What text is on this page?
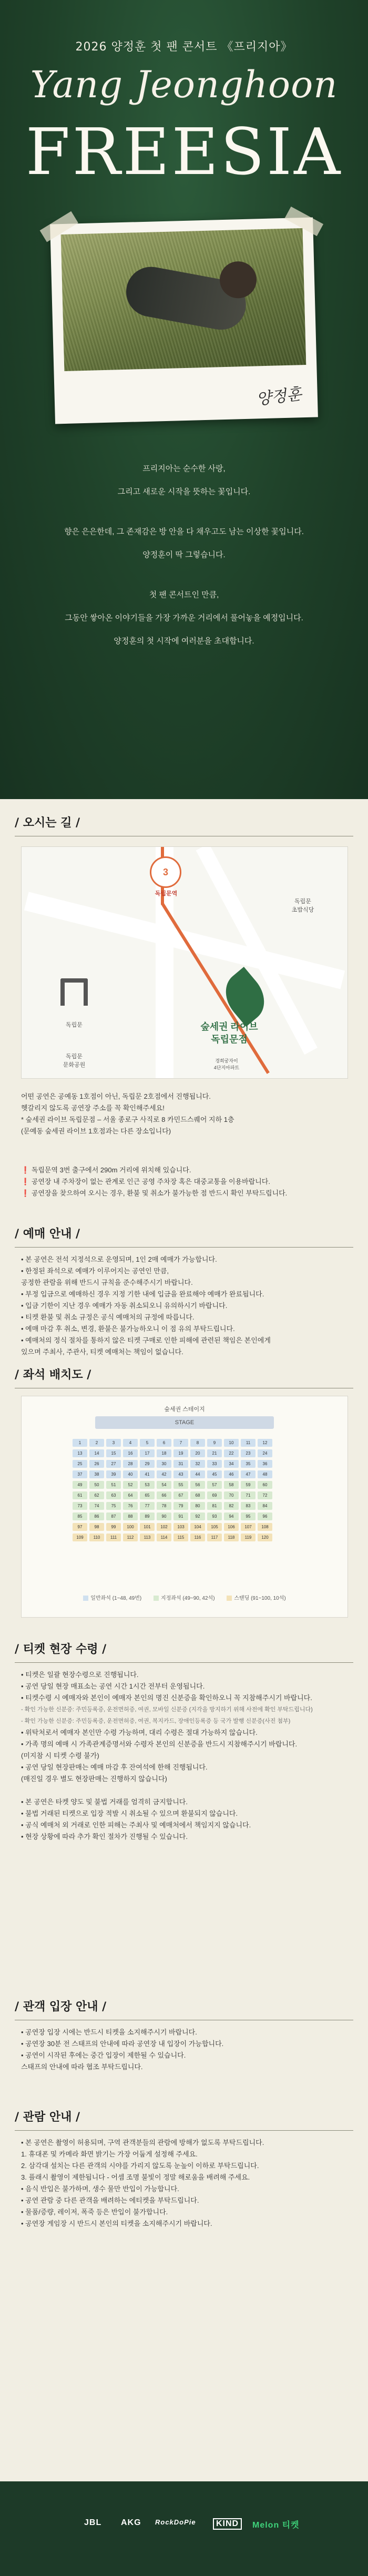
2026 양정훈 첫 팬 콘서트 《프리지아》
Yang Jeonghoon
FREESIA
양정훈
프리지아는 순수한 사랑,
그리고 새로운 시작을 뜻하는 꽃입니다.
향은 은은한데, 그 존재감은 방 안을 다 채우고도 남는 이상한 꽃입니다.
양정훈이 딱 그렇습니다.
첫 팬 콘서트인 만큼,
그동안 쌓아온 이야기들을 가장 가까운 거리에서 풀어놓을 예정입니다.
양정훈의 첫 시작에 여러분을 초대합니다.
/ 오시는 길 /
3
독립문역
독립문
독립문
문화공원
독립문
초밥식당
숲세권 라이브
독립문점
경희궁자이
4단지아파트
어떤 공연은 공예동 1호점이 아닌, 독립문 2호점에서 진행됩니다.
헷갈리지 않도록 공연장 주소를 꼭 확인해주세요!
* 숲세권 라이브 독립문점 – 서울 종로구 사직로 8 카민드스퀘어 지하 1층
(문예동 숲세권 라이브 1호점과는 다른 장소입니다)
❗ 독립문역 3번 출구에서 290m 거리에 위치해 있습니다.
❗ 공연장 내 주차장이 없는 관계로 인근 공영 주차장 혹은 대중교통을 이용바랍니다.
❗ 공연장을 찾으하여 오시는 경우, 환불 및 취소가 불가능한 점 반드시 확인 부탁드립니다.
/ 예매 안내 /
• 본 공연은 전석 지정석으로 운영되며, 1인 2매 예매가 가능합니다.
• 한정된 좌석으로 예매가 이루어지는 공연인 만큼,
공정한 관람을 위해 반드시 규칙을 준수해주시기 바랍니다.
• 부정 입금으로 예매하신 경우 지정 기한 내에 입금을 완료해야 예매가 완료됩니다.
• 입금 기한이 지난 경우 예매가 자동 취소되오니 유의하시기 바랍니다.
• 티켓 환불 및 취소 규정은 공식 예매처의 규정에 따릅니다.
• 예매 마감 후 취소, 변경, 환불은 불가능하오니 이 점 유의 부탁드립니다.
• 예매처의 정식 절차를 통하지 않은 티켓 구매로 인한 피해에 관련된 책임은 본인에게
있으며 주최사, 주관사, 티켓 예매처는 책임이 없습니다.
/ 좌석 배치도 /
숲세권 스테이지
STAGE
1	2	3	4	5	6	7	8	9	10	11	12
13	14	15	16	17	18	19	20	21	22	23	24
25	26	27	28	29	30	31	32	33	34	35	36
37	38	39	40	41	42	43	44	45	46	47	48
49	50	51	52	53	54	55	56	57	58	59	60
61	62	63	64	65	66	67	68	69	70	71	72
73	74	75	76	77	78	79	80	81	82	83	84
85	86	87	88	89	90	91	92	93	94	95	96
97	98	99	100 101 102 103 104 105 106 107 108
109 110 111 112 113 114 115 116 117 118 119 120
일반좌석 (1~48, 49번)	지정좌석 (49~90, 42석)	스탠딩 (91~100, 10석)
/ 티켓 현장 수령 /
• 티켓은 일괄 현장수령으로 진행됩니다.
• 공연 당일 현장 매표소는 공연 시간 1시간 전부터 운영됩니다.
• 티켓수령 시 예매자와 본인이 예매자 본인의 명진 신분증을 확인하오니 꼭 지참해주시기 바랍니다.
- 확인 가능한 신분증: 주민등록증, 운전면허증, 여권, 모바일 신분증 (지각을 방지하기 위해 사전에 확인 부탁드립니다)
- 확인 가능한 신분증: 주민등록증, 운전면허증, 여권, 복지카드, 장애인등록증 등 국가 발행 신분증(사진 첨부)
• 위탁처로서 예매자 본인만 수령 가능하며, 대리 수령은 절대 가능하지 않습니다.
• 가족 명의 예매 시 가족관계증명서와 수령자 본인의 신분증을 반드시 지참해주시기 바랍니다.
(미지참 시 티켓 수령 불가)
• 공연 당일 현장판매는 예매 마감 후 잔여석에 한해 진행됩니다.
(매진일 경우 별도 현장판매는 진행하지 않습니다)

• 본 공연은 타켓 양도 및 불법 거래를 엄격히 금지합니다.
• 불법 거래된 티켓으로 입장 적발 시 취소될 수 있으며 환불되지 않습니다.
• 공식 예매처 외 거래로 인한 피해는 주최사 및 예매처에서 책임지지 않습니다.
• 현장 상황에 따라 추가 확인 절차가 진행될 수 있습니다.
/ 관객 입장 안내 /
• 공연장 입장 시에는 반드시 티켓을 소지해주시기 바랍니다.
• 공연장 30분 전 스태프의 안내에 따라 공연장 내 입장이 가능합니다.
• 공연이 시작된 후에는 중간 입장이 제한될 수 있습니다.
스태프의 안내에 따라 협조 부탁드립니다.
/ 관람 안내 /
• 본 공연은 촬영이 허용되며, 구역 관객분들의 관람에 방해가 없도록 부탁드립니다.
1. 휴대폰 및 카메라 화면 밝기는 가장 어둡게 설정해 주세요.
2. 삼각대 설치는 다른 관객의 시야를 가리지 않도록 눈높이 이하로 부탁드립니다.
3. 플래시 촬영이 제한됩니다 - 어셈 조명 불빛이 정말 해로움을 배려해 주세요.
• 음식 반입은 불가하며, 생수 물만 반입이 가능합니다.
• 공연 관람 중 다른 관객을 배려하는 에티켓을 부탁드립니다.
• 물품/증량, 레이저, 폭죽 등은 반입이 불가합니다.
• 공연장 게임장 시 반드시 본인의 티켓을 소지해주시기 바랍니다.
JBL AKG RockDoPie	KIND	Melon 티켓
